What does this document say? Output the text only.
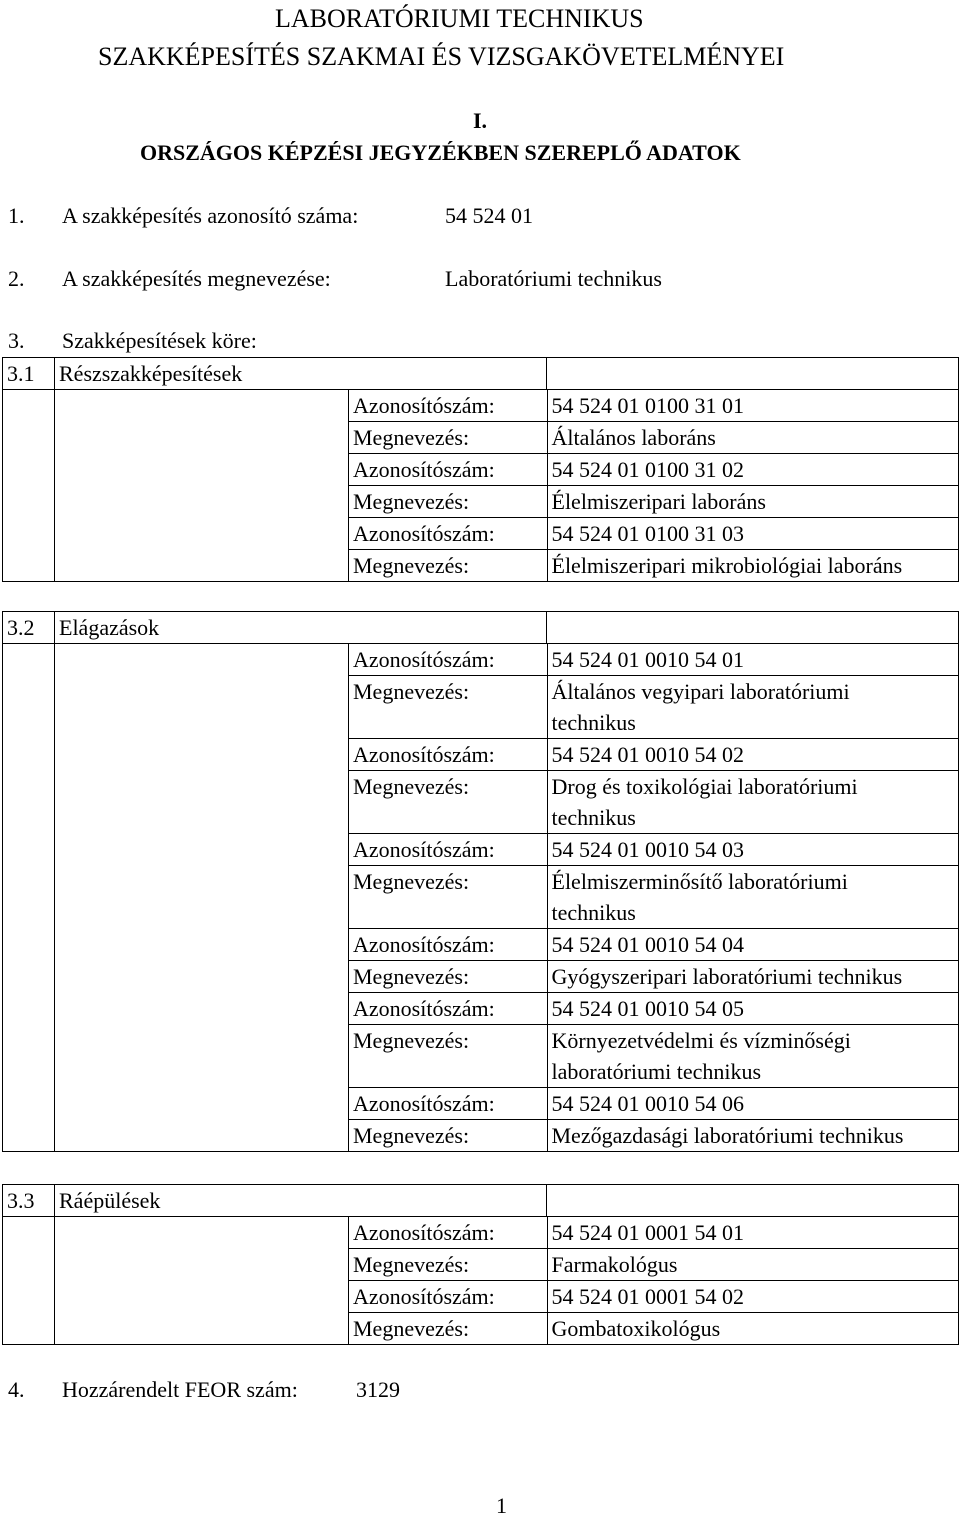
LABORATÓRIUMI TECHNIKUS
SZAKKÉPESÍTÉS SZAKMAI ÉS VIZSGAKÖVETELMÉNYEI
I.
ORSZÁGOS KÉPZÉSI JEGYZÉKBEN SZEREPLŐ ADATOK
1. A szakképesítés azonosító száma:	54 524 01
2. A szakképesítés megnevezése:	Laboratóriumi technikus
3. Szakképesítések köre:
3.1	Részszakképesítések	

Azonosítószám:	54 524 01 0100 31 01
Megnevezés:	Általános laboráns
Azonosítószám:	54 524 01 0100 31 02
Megnevezés:	Élelmiszeripari laboráns
Azonosítószám:	54 524 01 0100 31 03
Megnevezés:	Élelmiszeripari mikrobiológiai laboráns
3.2	Elágazások	

Azonosítószám:	54 524 01 0010 54 01
Megnevezés:	Általános vegyipari laboratóriumi technikus
Azonosítószám:	54 524 01 0010 54 02
Megnevezés:	Drog és toxikológiai laboratóriumi technikus
Azonosítószám:	54 524 01 0010 54 03
Megnevezés:	Élelmiszerminősítő laboratóriumi technikus
Azonosítószám:	54 524 01 0010 54 04
Megnevezés:	Gyógyszeripari laboratóriumi technikus
Azonosítószám:	54 524 01 0010 54 05
Megnevezés:	Környezetvédelmi és vízminőségi laboratóriumi technikus
Azonosítószám:	54 524 01 0010 54 06
Megnevezés:	Mezőgazdasági laboratóriumi technikus
3.3	Ráépülések	

Azonosítószám:	54 524 01 0001 54 01
Megnevezés:	Farmakológus
Azonosítószám:	54 524 01 0001 54 02
Megnevezés:	Gombatoxikológus
4. Hozzárendelt FEOR szám:	3129
1
